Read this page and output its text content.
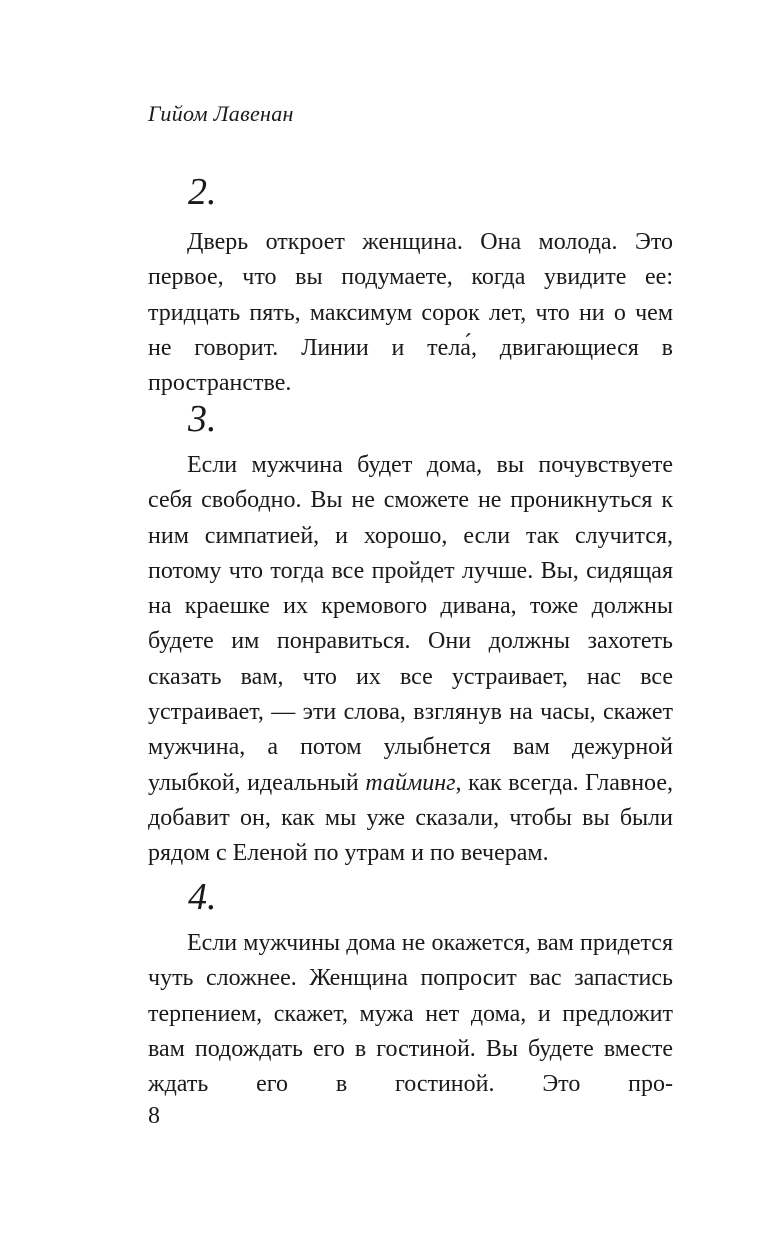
Гийом Лавенан
2.

Дверь откроет женщина. Она молода. Это первое, что вы подумаете, когда увидите ее: тридцать пять, максимум сорок лет, что ни о чем не говорит. Линии и тела́, двигающиеся в пространстве.

3.

Если мужчина будет дома, вы почувствуете себя свободно. Вы не сможете не проникнуться к ним симпатией, и хорошо, если так случится, потому что тогда все пройдет лучше. Вы, сидящая на краешке их кремового дивана, тоже должны будете им понравиться. Они должны захотеть сказать вам, что их все устраивает, нас все устраивает, — эти слова, взглянув на часы, скажет мужчина, а потом улыбнется вам дежурной улыбкой, идеальный тайминг, как всегда. Главное, добавит он, как мы уже сказали, чтобы вы были рядом с Еленой по утрам и по вечерам.

4.

Если мужчины дома не окажется, вам придется чуть сложнее. Женщина попросит вас запастись терпением, скажет, мужа нет дома, и предложит вам подождать его в гостиной. Вы будете вместе ждать его в гостиной. Это про-

8
